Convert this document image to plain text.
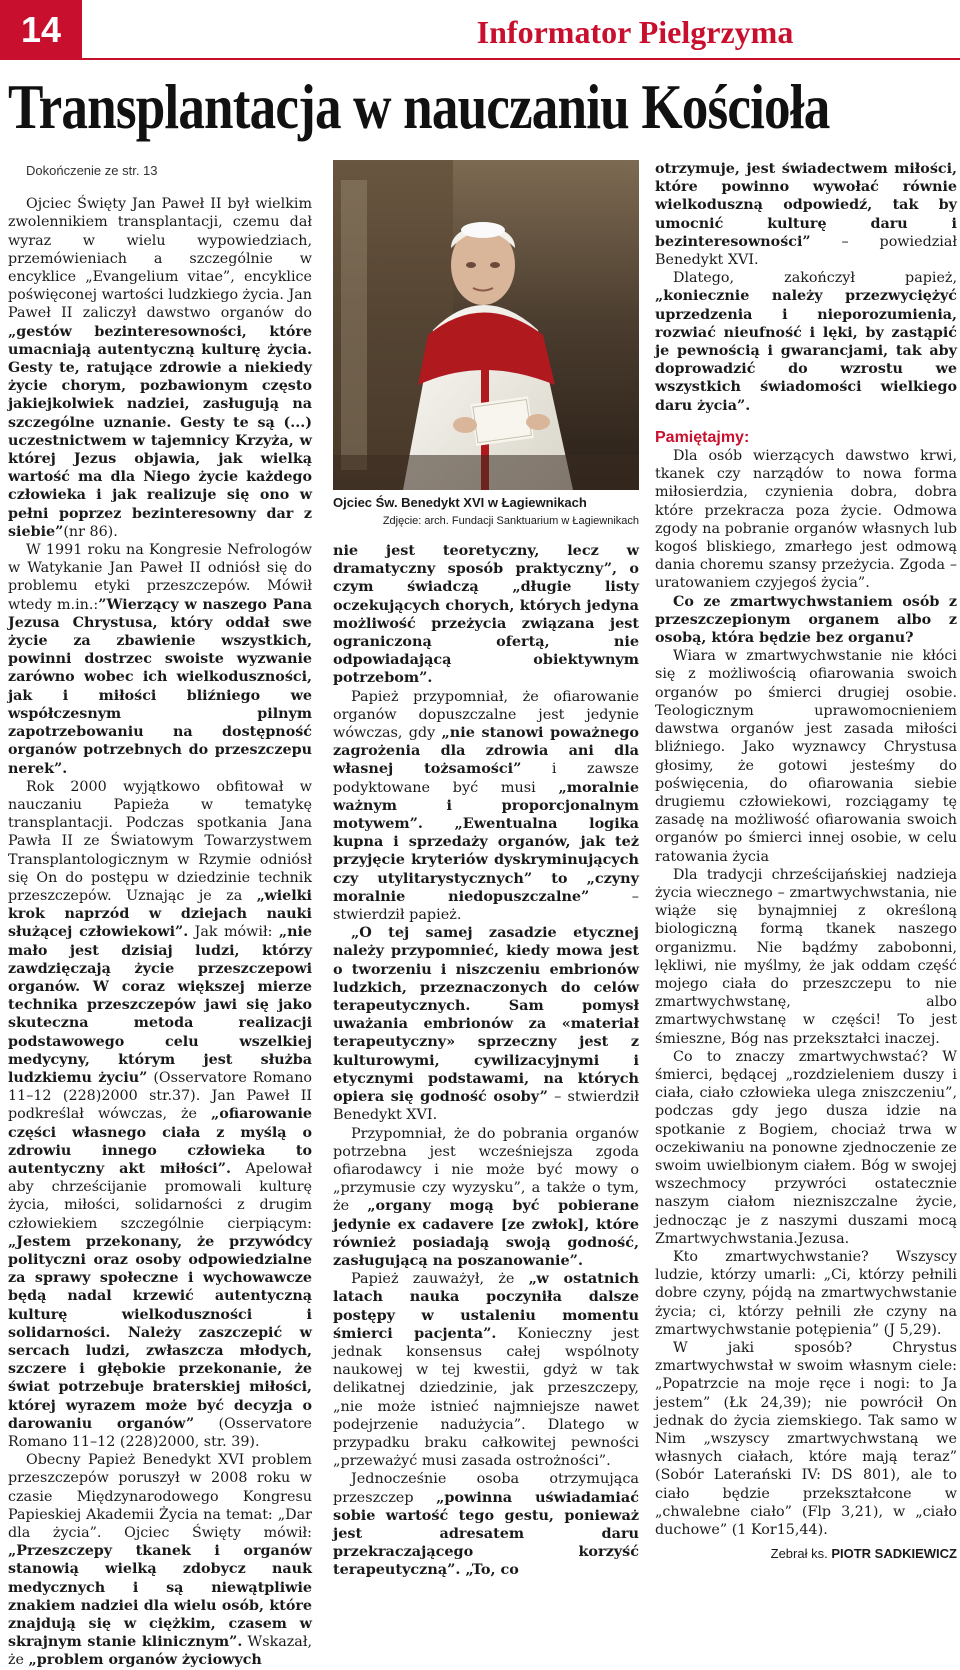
14	Informator Pielgrzyma
Transplantacja w nauczaniu Kościoła

Dokończenie ze str. 13

Ojciec Święty Jan Paweł II był wielkim zwolennikiem transplantacji, czemu dał wyraz w wielu wypowiedziach, przemówieniach a szczególnie w encyklice „Evangelium vitae”, encyklice poświęconej wartości ludzkiego życia. Jan Paweł II zaliczył dawstwo organów do „gestów bezinteresowności, które umacniają autentyczną kulturę życia. Gesty te, ratujące zdrowie a niekiedy życie chorym, pozbawionym często jakiejkolwiek nadziei, zasługują na szczególne uznanie. Gesty te są (...) uczestnictwem w tajemnicy Krzyża, w której Jezus objawia, jak wielką wartość ma dla Niego życie każdego człowieka i jak realizuje się ono w pełni poprzez bezinteresowny dar z siebie”(nr 86).

W 1991 roku na Kongresie Nefrologów w Watykanie Jan Paweł II odniósł się do problemu etyki przeszczepów. Mówił wtedy m.in.:”Wierzący w naszego Pana Jezusa Chrystusa, który oddał swe życie za zbawienie wszystkich, powinni dostrzec swoiste wyzwanie zarówno wobec ich wielkoduszności, jak i miłości bliźniego we współczesnym pilnym zapotrzebowaniu na dostępność organów potrzebnych do przeszczepu nerek”.

Rok 2000 wyjątkowo obfitował w nauczaniu Papieża w tematykę transplantacji. Podczas spotkania Jana Pawła II ze Światowym Towarzystwem Transplantologicznym w Rzymie odniósł się On do postępu w dziedzinie technik przeszczepów. Uznając je za „wielki krok naprzód w dziejach nauki służącej człowiekowi”. Jak mówił: „nie mało jest dzisiaj ludzi, którzy zawdzięczają życie przeszczepowi organów. W coraz większej mierze technika przeszczepów jawi się jako skuteczna metoda realizacji podstawowego celu wszelkiej medycyny, którym jest służba ludzkiemu życiu” (Osservatore Romano 11–12 (228)2000 str.37). Jan Paweł II podkreślał wówczas, że „ofiarowanie części własnego ciała z myślą o zdrowiu innego człowieka to autentyczny akt miłości”. Apelował aby chrześcijanie promowali kulturę życia, miłości, solidarności z drugim człowiekiem szczególnie cierpiącym: „Jestem przekonany, że przywódcy polityczni oraz osoby odpowiedzialne za sprawy społeczne i wychowawcze będą nadal krzewić autentyczną kulturę wielkoduszności i solidarności. Należy zaszczepić w sercach ludzi, zwłaszcza młodych, szczere i głębokie przekonanie, że świat potrzebuje braterskiej miłości, której wyrazem może być decyzja o darowaniu organów” (Osservatore Romano 11–12 (228)2000, str. 39).

Obecny Papież Benedykt XVI problem przeszczepów poruszył w 2008 roku w czasie Międzynarodowego Kongresu Papieskiej Akademii Życia na temat: „Dar dla życia”. Ojciec Święty mówił: „Przeszczepy tkanek i organów stanowią wielką zdobycz nauk medycznych i są niewątpliwie znakiem nadziei dla wielu osób, które znajdują się w ciężkim, czasem w skrajnym stanie klinicznym”. Wskazał, że „problem organów życiowych

Ojciec Św. Benedykt XVI w Łagiewnikach
Zdjęcie: arch. Fundacji Sanktuarium w Łagiewnikach

nie jest teoretyczny, lecz w dramatyczny sposób praktyczny”, o czym świadczą „długie listy oczekujących chorych, których jedyna możliwość przeżycia związana jest ograniczoną ofertą, nie odpowiadającą obiektywnym potrzebom”.

Papież przypomniał, że ofiarowanie organów dopuszczalne jest jedynie wówczas, gdy „nie stanowi poważnego zagrożenia dla zdrowia ani dla własnej tożsamości” i zawsze podyktowane być musi „moralnie ważnym i proporcjonalnym motywem”. „Ewentualna logika kupna i sprzedaży organów, jak też przyjęcie kryteriów dyskryminujących czy utylitarystycznych” to „czyny moralnie niedopuszczalne” – stwierdził papież.

„O tej samej zasadzie etycznej należy przypomnieć, kiedy mowa jest o tworzeniu i niszczeniu embrionów ludzkich, przeznaczonych do celów terapeutycznych. Sam pomysł uważania embrionów za «materiał terapeutyczny» sprzeczny jest z kulturowymi, cywilizacyjnymi i etycznymi podstawami, na których opiera się godność osoby” – stwierdził Benedykt XVI.

Przypomniał, że do pobrania organów potrzebna jest wcześniejsza zgoda ofiarodawcy i nie może być mowy o „przymusie czy wyzysku”, a także o tym, że „organy mogą być pobierane jedynie ex cadavere [ze zwłok], które również posiadają swoją godność, zasługującą na poszanowanie”.

Papież zauważył, że „w ostatnich latach nauka poczyniła dalsze postępy w ustaleniu momentu śmierci pacjenta”. Konieczny jest jednak konsensus całej wspólnoty naukowej w tej kwestii, gdyż w tak delikatnej dziedzinie, jak przeszczepy, „nie może istnieć najmniejsze nawet podejrzenie nadużycia”. Dlatego w przypadku braku całkowitej pewności „przeważyć musi zasada ostrożności”.

Jednocześnie osoba otrzymująca przeszczep „powinna uświadamiać sobie wartość tego gestu, ponieważ jest adresatem daru przekraczającego korzyść terapeutyczną”. „To, co

otrzymuje, jest świadectwem miłości, które powinno wywołać równie wielkoduszną odpowiedź, tak by umocnić kulturę daru i bezinteresowności” – powiedział Benedykt XVI.

Dlatego, zakończył papież, „koniecznie należy przezwyciężyć uprzedzenia i nieporozumienia, rozwiać nieufność i lęki, by zastąpić je pewnością i gwarancjami, tak aby doprowadzić do wzrostu we wszystkich świadomości wielkiego daru życia”.

Pamiętajmy:

Dla osób wierzących dawstwo krwi, tkanek czy narządów to nowa forma miłosierdzia, czynienia dobra, dobra które przekracza poza życie. Odmowa zgody na pobranie organów własnych lub kogoś bliskiego, zmarłego jest odmową dania choremu szansy przeżycia. Zgoda – uratowaniem czyjegoś życia”.

Co ze zmartwychwstaniem osób z przeszczepionym organem albo z osobą, która będzie bez organu?

Wiara w zmartwychwstanie nie kłóci się z możliwością ofiarowania swoich organów po śmierci drugiej osobie. Teologicznym uprawomocnieniem dawstwa organów jest zasada miłości bliźniego. Jako wyznawcy Chrystusa głosimy, że gotowi jesteśmy do poświęcenia, do ofiarowania siebie drugiemu człowiekowi, rozciągamy tę zasadę na możliwość ofiarowania swoich organów po śmierci innej osobie, w celu ratowania życia

Dla tradycji chrześcijańskiej nadzieja życia wiecznego – zmartwychwstania, nie wiąże się bynajmniej z określoną biologiczną formą tkanek naszego organizmu. Nie bądźmy zabobonni, lękliwi, nie myślmy, że jak oddam część mojego ciała do przeszczepu to nie zmartwychwstanę, albo zmartwychwstanę w części! To jest śmieszne, Bóg nas przekształci inaczej.

Co to znaczy zmartwychwstać? W śmierci, będącej „rozdzieleniem duszy i ciała, ciało człowieka ulega zniszczeniu”, podczas gdy jego dusza idzie na spotkanie z Bogiem, chociaż trwa w oczekiwaniu na ponowne zjednoczenie ze swoim uwielbionym ciałem. Bóg w swojej wszechmocy przywróci ostatecznie naszym ciałom niezniszczalne życie, jednocząc je z naszymi duszami mocą Zmartwychwstania.Jezusa.

Kto zmartwychwstanie? Wszyscy ludzie, którzy umarli: „Ci, którzy pełnili dobre czyny, pójdą na zmartwychwstanie życia; ci, którzy pełnili złe czyny na zmartwychwstanie potępienia” (J 5,29).

W jaki sposób? Chrystus zmartwychwstał w swoim własnym ciele: „Popatrzcie na moje ręce i nogi: to Ja jestem” (Łk 24,39); nie powrócił On jednak do życia ziemskiego. Tak samo w Nim „wszyscy zmartwychwstaną we własnych ciałach, które mają teraz” (Sobór Laterański IV: DS 801), ale to ciało będzie przekształcone w „chwalebne ciało” (Flp 3,21), w „ciało duchowe” (1 Kor15,44).

Zebrał ks. PIOTR SADKIEWICZ
